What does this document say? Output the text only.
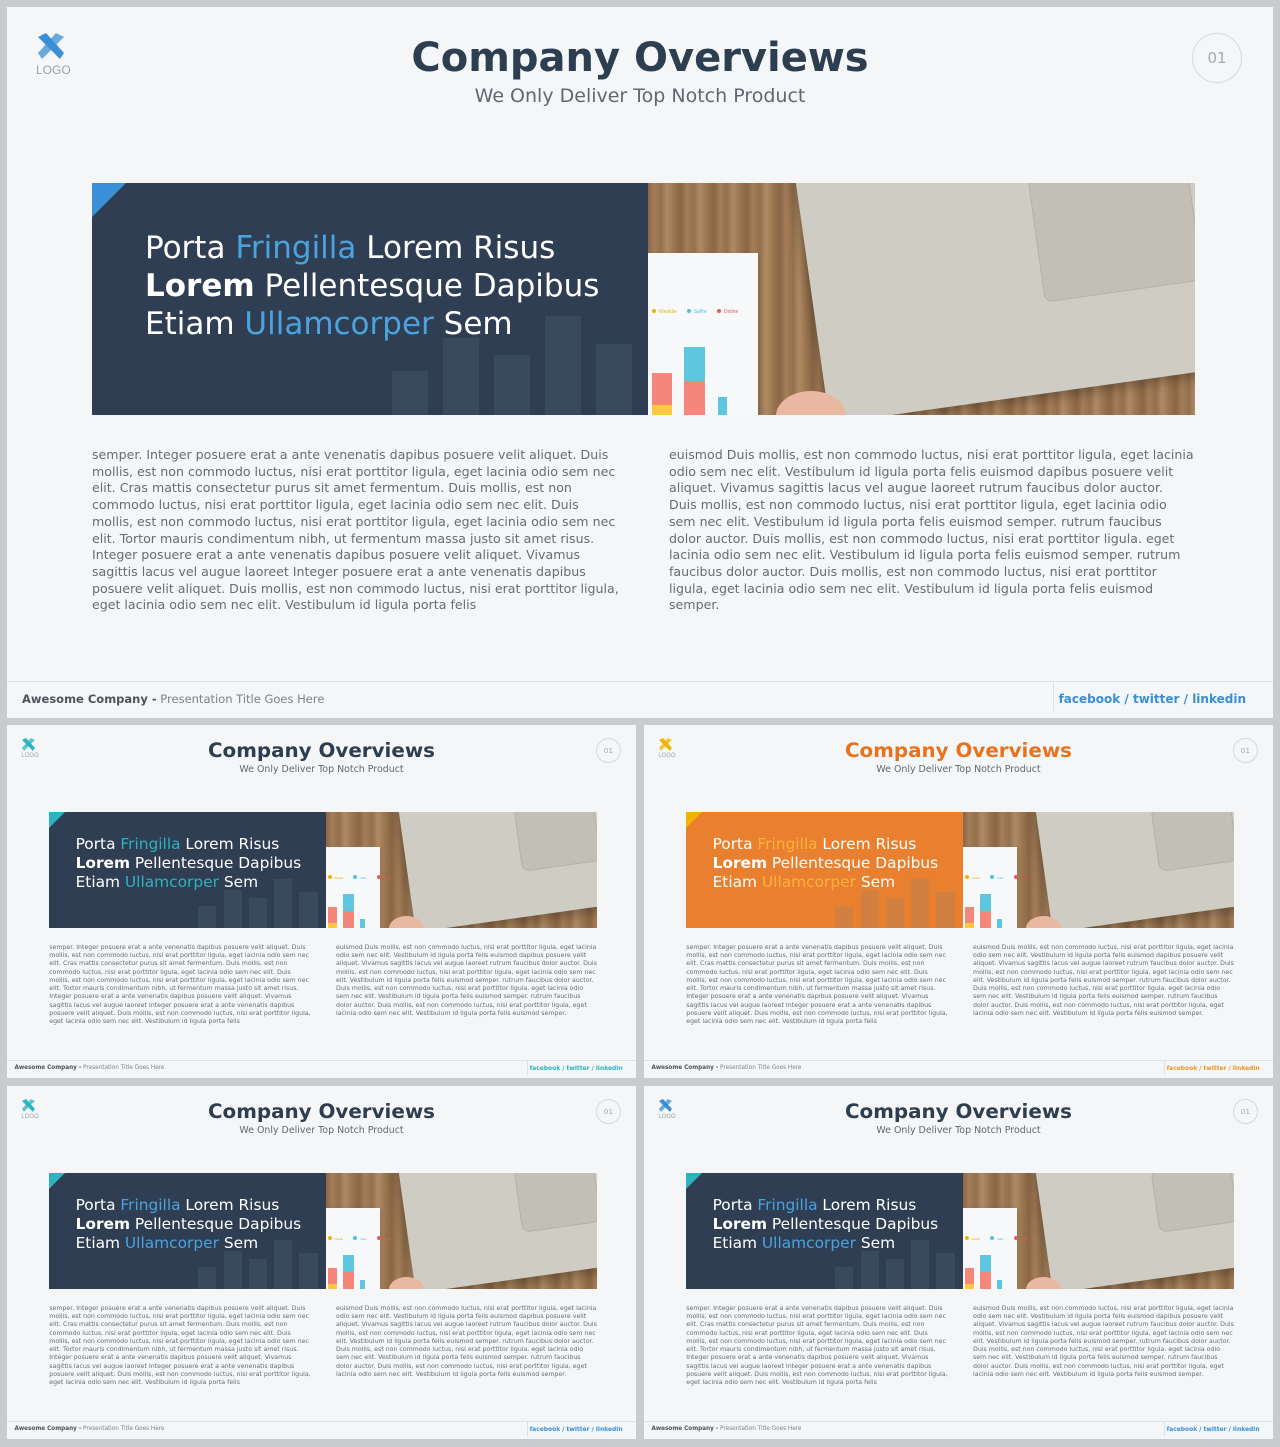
LOGO	Company Overviews
We Only Deliver Top Notch Product
01
Weaklie	Saflre	Online
Porta Fringilla Lorem Risus
Lorem Pellentesque Dapibus
Etiam Ullamcorper Sem
semper. Integer posuere erat a ante venenatis dapibus posuere velit aliquet. Duis mollis, est non commodo luctus, nisi erat porttitor ligula, eget lacinia odio sem nec elit. Cras mattis consectetur purus sit amet fermentum. Duis mollis, est non commodo luctus, nisi erat porttitor ligula, eget lacinia odio sem nec elit. Duis mollis, est non commodo luctus, nisi erat porttitor ligula, eget lacinia odio sem nec elit. Tortor mauris condimentum nibh, ut fermentum massa justo sit amet risus. Integer posuere erat a ante venenatis dapibus posuere velit aliquet. Vivamus sagittis lacus vel augue laoreet Integer posuere erat a ante venenatis dapibus posuere velit aliquet. Duis mollis, est non commodo luctus, nisi erat porttitor ligula, eget lacinia odio sem nec elit. Vestibulum id ligula porta felis
euismod Duis mollis, est non commodo luctus, nisi erat porttitor ligula, eget lacinia odio sem nec elit. Vestibulum id ligula porta felis euismod dapibus posuere velit aliquet. Vivamus sagittis lacus vel augue laoreet rutrum faucibus dolor auctor. Duis mollis, est non commodo luctus, nisi erat porttitor ligula, eget lacinia odio sem nec elit. Vestibulum id ligula porta felis euismod semper. rutrum faucibus dolor auctor. Duis mollis, est non commodo luctus, nisi erat porttitor ligula. eget lacinia odio sem nec elit. Vestibulum id ligula porta felis euismod semper. rutrum faucibus dolor auctor. Duis mollis, est non commodo luctus, nisi erat porttitor ligula, eget lacinia odio sem nec elit. Vestibulum id ligula porta felis euismod semper.
Awesome Company - Presentation Title Goes Here	facebook / twitter / linkedin
LOGO	Company Overviews
We Only Deliver Top Notch Product
01
Weaklie	Saflre	Online
Porta Fringilla Lorem Risus
Lorem Pellentesque Dapibus
Etiam Ullamcorper Sem
semper. Integer posuere erat a ante venenatis dapibus posuere velit aliquet. Duis mollis, est non commodo luctus, nisi erat porttitor ligula, eget lacinia odio sem nec elit. Cras mattis consectetur purus sit amet fermentum. Duis mollis, est non commodo luctus, nisi erat porttitor ligula, eget lacinia odio sem nec elit. Duis mollis, est non commodo luctus, nisi erat porttitor ligula, eget lacinia odio sem nec elit. Tortor mauris condimentum nibh, ut fermentum massa justo sit amet risus. Integer posuere erat a ante venenatis dapibus posuere velit aliquet. Vivamus sagittis lacus vel augue laoreet Integer posuere erat a ante venenatis dapibus posuere velit aliquet. Duis mollis, est non commodo luctus, nisi erat porttitor ligula, eget lacinia odio sem nec elit. Vestibulum id ligula porta felis
euismod Duis mollis, est non commodo luctus, nisi erat porttitor ligula, eget lacinia odio sem nec elit. Vestibulum id ligula porta felis euismod dapibus posuere velit aliquet. Vivamus sagittis lacus vel augue laoreet rutrum faucibus dolor auctor. Duis mollis, est non commodo luctus, nisi erat porttitor ligula, eget lacinia odio sem nec elit. Vestibulum id ligula porta felis euismod semper. rutrum faucibus dolor auctor. Duis mollis, est non commodo luctus, nisi erat porttitor ligula. eget lacinia odio sem nec elit. Vestibulum id ligula porta felis euismod semper. rutrum faucibus dolor auctor. Duis mollis, est non commodo luctus, nisi erat porttitor ligula, eget lacinia odio sem nec elit. Vestibulum id ligula porta felis euismod semper.
Awesome Company - Presentation Title Goes Here	facebook / twitter / linkedin
LOGO	Company Overviews
We Only Deliver Top Notch Product
01
Weaklie	Saflre	Online
Porta Fringilla Lorem Risus
Lorem Pellentesque Dapibus
Etiam Ullamcorper Sem
semper. Integer posuere erat a ante venenatis dapibus posuere velit aliquet. Duis mollis, est non commodo luctus, nisi erat porttitor ligula, eget lacinia odio sem nec elit. Cras mattis consectetur purus sit amet fermentum. Duis mollis, est non commodo luctus, nisi erat porttitor ligula, eget lacinia odio sem nec elit. Duis mollis, est non commodo luctus, nisi erat porttitor ligula, eget lacinia odio sem nec elit. Tortor mauris condimentum nibh, ut fermentum massa justo sit amet risus. Integer posuere erat a ante venenatis dapibus posuere velit aliquet. Vivamus sagittis lacus vel augue laoreet Integer posuere erat a ante venenatis dapibus posuere velit aliquet. Duis mollis, est non commodo luctus, nisi erat porttitor ligula, eget lacinia odio sem nec elit. Vestibulum id ligula porta felis
euismod Duis mollis, est non commodo luctus, nisi erat porttitor ligula, eget lacinia odio sem nec elit. Vestibulum id ligula porta felis euismod dapibus posuere velit aliquet. Vivamus sagittis lacus vel augue laoreet rutrum faucibus dolor auctor. Duis mollis, est non commodo luctus, nisi erat porttitor ligula, eget lacinia odio sem nec elit. Vestibulum id ligula porta felis euismod semper. rutrum faucibus dolor auctor. Duis mollis, est non commodo luctus, nisi erat porttitor ligula. eget lacinia odio sem nec elit. Vestibulum id ligula porta felis euismod semper. rutrum faucibus dolor auctor. Duis mollis, est non commodo luctus, nisi erat porttitor ligula, eget lacinia odio sem nec elit. Vestibulum id ligula porta felis euismod semper.
Awesome Company - Presentation Title Goes Here	facebook / twitter / linkedin
LOGO	Company Overviews
We Only Deliver Top Notch Product
01
Weaklie	Saflre	Online
Porta Fringilla Lorem Risus
Lorem Pellentesque Dapibus
Etiam Ullamcorper Sem
semper. Integer posuere erat a ante venenatis dapibus posuere velit aliquet. Duis mollis, est non commodo luctus, nisi erat porttitor ligula, eget lacinia odio sem nec elit. Cras mattis consectetur purus sit amet fermentum. Duis mollis, est non commodo luctus, nisi erat porttitor ligula, eget lacinia odio sem nec elit. Duis mollis, est non commodo luctus, nisi erat porttitor ligula, eget lacinia odio sem nec elit. Tortor mauris condimentum nibh, ut fermentum massa justo sit amet risus. Integer posuere erat a ante venenatis dapibus posuere velit aliquet. Vivamus sagittis lacus vel augue laoreet Integer posuere erat a ante venenatis dapibus posuere velit aliquet. Duis mollis, est non commodo luctus, nisi erat porttitor ligula, eget lacinia odio sem nec elit. Vestibulum id ligula porta felis
euismod Duis mollis, est non commodo luctus, nisi erat porttitor ligula, eget lacinia odio sem nec elit. Vestibulum id ligula porta felis euismod dapibus posuere velit aliquet. Vivamus sagittis lacus vel augue laoreet rutrum faucibus dolor auctor. Duis mollis, est non commodo luctus, nisi erat porttitor ligula, eget lacinia odio sem nec elit. Vestibulum id ligula porta felis euismod semper. rutrum faucibus dolor auctor. Duis mollis, est non commodo luctus, nisi erat porttitor ligula. eget lacinia odio sem nec elit. Vestibulum id ligula porta felis euismod semper. rutrum faucibus dolor auctor. Duis mollis, est non commodo luctus, nisi erat porttitor ligula, eget lacinia odio sem nec elit. Vestibulum id ligula porta felis euismod semper.
Awesome Company - Presentation Title Goes Here	facebook / twitter / linkedin
LOGO	Company Overviews
We Only Deliver Top Notch Product
01
Weaklie	Saflre	Online
Porta Fringilla Lorem Risus
Lorem Pellentesque Dapibus
Etiam Ullamcorper Sem
semper. Integer posuere erat a ante venenatis dapibus posuere velit aliquet. Duis mollis, est non commodo luctus, nisi erat porttitor ligula, eget lacinia odio sem nec elit. Cras mattis consectetur purus sit amet fermentum. Duis mollis, est non commodo luctus, nisi erat porttitor ligula, eget lacinia odio sem nec elit. Duis mollis, est non commodo luctus, nisi erat porttitor ligula, eget lacinia odio sem nec elit. Tortor mauris condimentum nibh, ut fermentum massa justo sit amet risus. Integer posuere erat a ante venenatis dapibus posuere velit aliquet. Vivamus sagittis lacus vel augue laoreet Integer posuere erat a ante venenatis dapibus posuere velit aliquet. Duis mollis, est non commodo luctus, nisi erat porttitor ligula, eget lacinia odio sem nec elit. Vestibulum id ligula porta felis
euismod Duis mollis, est non commodo luctus, nisi erat porttitor ligula, eget lacinia odio sem nec elit. Vestibulum id ligula porta felis euismod dapibus posuere velit aliquet. Vivamus sagittis lacus vel augue laoreet rutrum faucibus dolor auctor. Duis mollis, est non commodo luctus, nisi erat porttitor ligula, eget lacinia odio sem nec elit. Vestibulum id ligula porta felis euismod semper. rutrum faucibus dolor auctor. Duis mollis, est non commodo luctus, nisi erat porttitor ligula. eget lacinia odio sem nec elit. Vestibulum id ligula porta felis euismod semper. rutrum faucibus dolor auctor. Duis mollis, est non commodo luctus, nisi erat porttitor ligula, eget lacinia odio sem nec elit. Vestibulum id ligula porta felis euismod semper.
Awesome Company - Presentation Title Goes Here	facebook / twitter / linkedin
